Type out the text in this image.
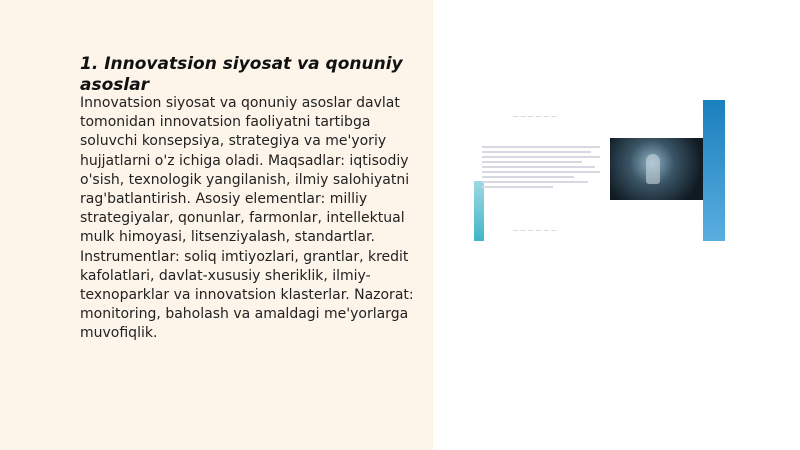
1. Innovatsion siyosat va qonuniy asoslar

Innovatsion siyosat va qonuniy asoslar davlat tomonidan innovatsion faoliyatni tartibga soluvchi konsepsiya, strategiya va me'yoriy hujjatlarni o'z ichiga oladi. Maqsadlar: iqtisodiy o'sish, texnologik yangilanish, ilmiy salohiyatni rag'batlantirish. Asosiy elementlar: milliy strategiyalar, qonunlar, farmonlar, intellektual mulk himoyasi, litsenziyalash, standartlar. Instrumentlar: soliq imtiyozlari, grantlar, kredit kafolatlari, davlat-xususiy sheriklik, ilmiy-texnoparklar va innovatsion klasterlar. Nazorat: monitoring, baholash va amaldagi me'yorlarga muvofiqlik.

~~~~~~
~~~~~~
